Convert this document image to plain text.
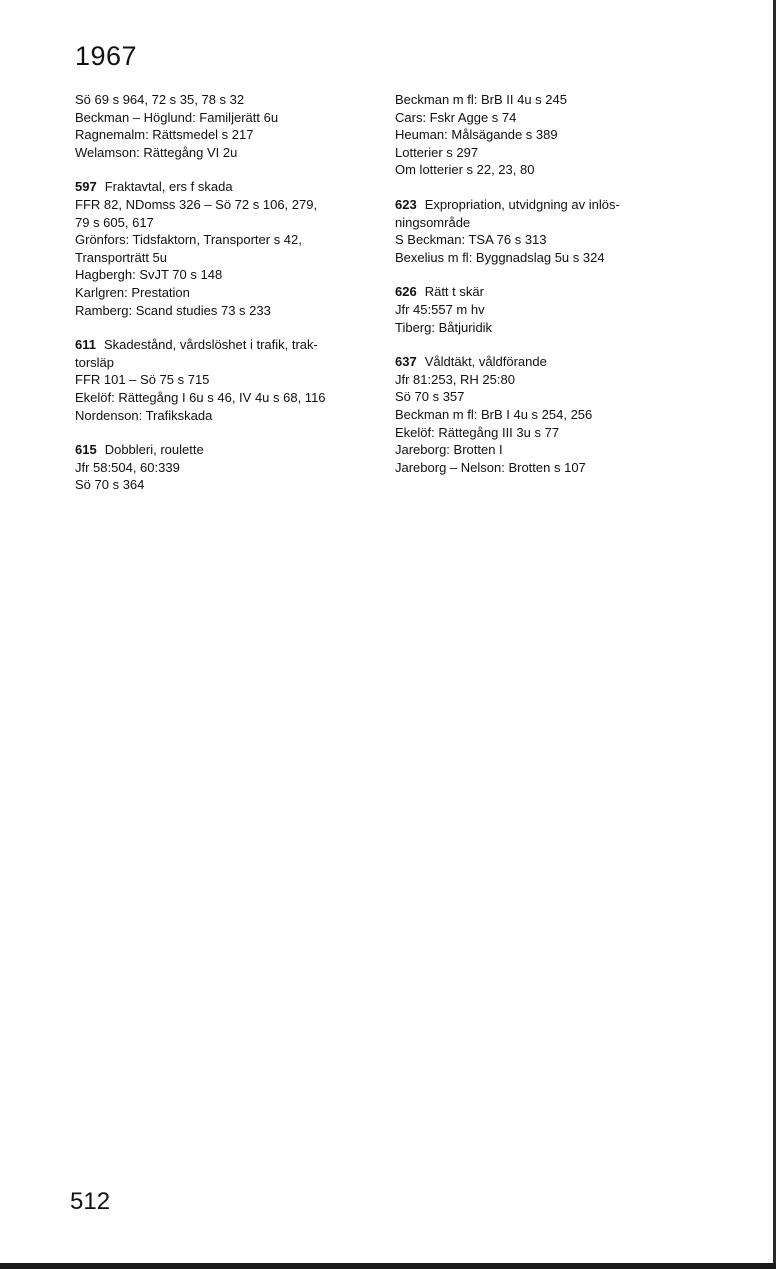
1967
Sö 69 s 964, 72 s 35, 78 s 32
Beckman – Höglund: Familjerätt 6u
Ragnemalm: Rättsmedel s 217
Welamson: Rättegång VI 2u
597 Fraktavtal, ers f skada
FFR 82, NDomss 326 – Sö 72 s 106, 279,
79 s 605, 617
Grönfors: Tidsfaktorn, Transporter s 42,
Transporträtt 5u
Hagbergh: SvJT 70 s 148
Karlgren: Prestation
Ramberg: Scand studies 73 s 233
611 Skadestånd, vårdslöshet i trafik, trak-
torsläp
FFR 101 – Sö 75 s 715
Ekelöf: Rättegång I 6u s 46, IV 4u s 68, 116
Nordenson: Trafikskada
615 Dobbleri, roulette
Jfr 58:504, 60:339
Sö 70 s 364
Beckman m fl: BrB II 4u s 245
Cars: Fskr Agge s 74
Heuman: Målsägande s 389
Lotterier s 297
Om lotterier s 22, 23, 80
623 Expropriation, utvidgning av inlös-
ningsområde
S Beckman: TSA 76 s 313
Bexelius m fl: Byggnadslag 5u s 324
626 Rätt t skär
Jfr 45:557 m hv
Tiberg: Båtjuridik
637 Våldtäkt, våldförande
Jfr 81:253, RH 25:80
Sö 70 s 357
Beckman m fl: BrB I 4u s 254, 256
Ekelöf: Rättegång III 3u s 77
Jareborg: Brotten I
Jareborg – Nelson: Brotten s 107
512
